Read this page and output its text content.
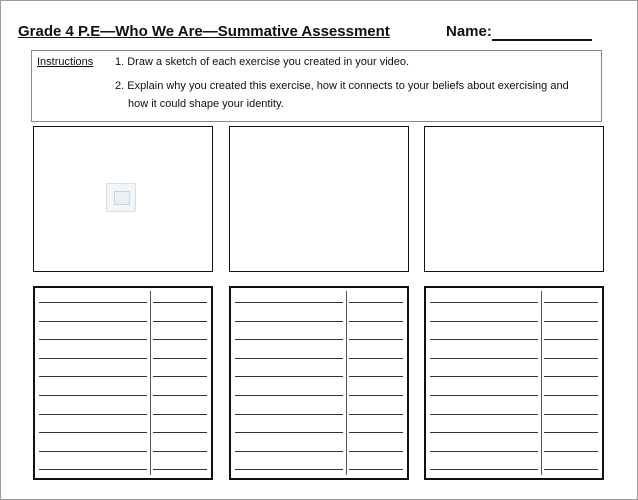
Grade 4 P.E—Who We Are—Summative Assessment	Name:
Instructions 1. Draw a sketch of each exercise you created in your video.
2. Explain why you created this exercise, how it connects to your beliefs about exercising and
how it could shape your identity.
